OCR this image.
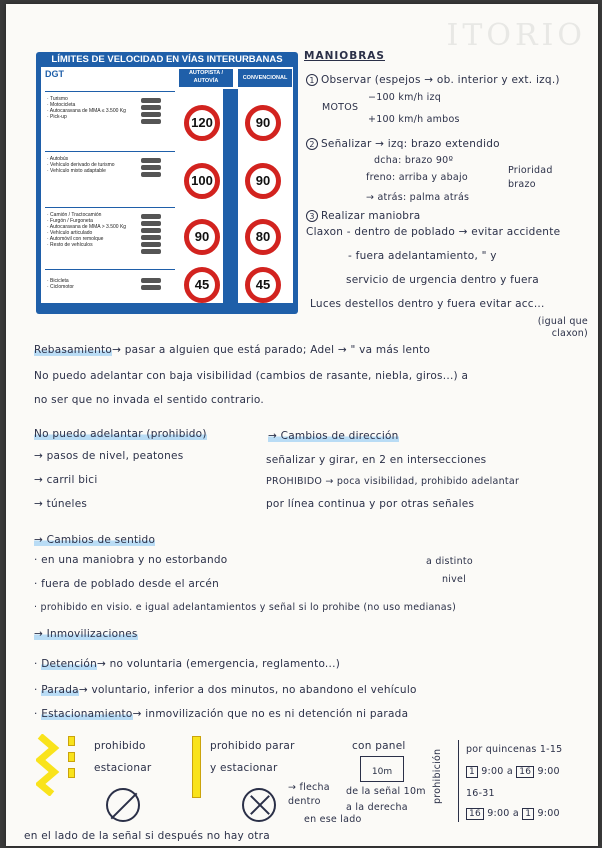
ITORIO
LÍMITES DE VELOCIDAD EN VÍAS INTERURBANAS
DGT	AUTOPISTA / AUTOVÍA	CONVENCIONAL
· Turismo
· Motocicleta
· Autocaravana de MMA ≤ 3.500 Kg
· Pick-up	120	90
· Autobús
· Vehículo derivado de turismo
· Vehículo mixto adaptable
100	90
· Camión / Tractocamión
· Furgón / Furgoneta
· Autocaravana de MMA > 3.500 Kg
· Vehículo articulado
· Automóvil con remolque
· Resto de vehículos
90	80
· Bicicleta
· Ciclomotor	45	45
MANIOBRAS
1 Observar (espejos → ob. interior y ext. izq.)
−100 km/h izq
MOTOS
+100 km/h ambos
2 Señalizar → izq: brazo extendido
dcha: brazo 90º
freno: arriba y abajo
Prioridad brazo
→ atrás: palma atrás
3 Realizar maniobra
Claxon - dentro de poblado → evitar accidente
- fuera adelantamiento, " y
servicio de urgencia dentro y fuera
Luces destellos dentro y fuera evitar acc...
(igual que claxon)
Rebasamiento→ pasar a alguien que está parado; Adel → " va más lento
No puedo adelantar con baja visibilidad (cambios de rasante, niebla, giros...) a
no ser que no invada el sentido contrario.
No puedo adelantar (prohibido)
→ pasos de nivel, peatones
→ carril bici
→ túneles
→ Cambios de dirección
señalizar y girar, en 2 en intersecciones
PROHIBIDO → poca visibilidad, prohibido adelantar
por línea continua y por otras señales
→ Cambios de sentido
· en una maniobra y no estorbando
· fuera de poblado desde el arcén
· prohibido en visio. e igual adelantamientos y señal si lo prohibe (no uso medianas)
a distinto
nivel
→ Inmovilizaciones
· Detención→ no voluntaria (emergencia, reglamento...)
· Parada→ voluntario, inferior a dos minutos, no abandono el vehículo
· Estacionamiento→ inmovilización que no es ni detención ni parada
prohibido
estacionar
prohibido parar
y estacionar
→ flecha
dentro
en ese lado
con panel
10m
de la señal 10m
a la derecha
prohibición por quincenas 1-15
1 9:00 a 16 9:00
16-31
16 9:00 a 1 9:00
en el lado de la señal si después no hay otra
